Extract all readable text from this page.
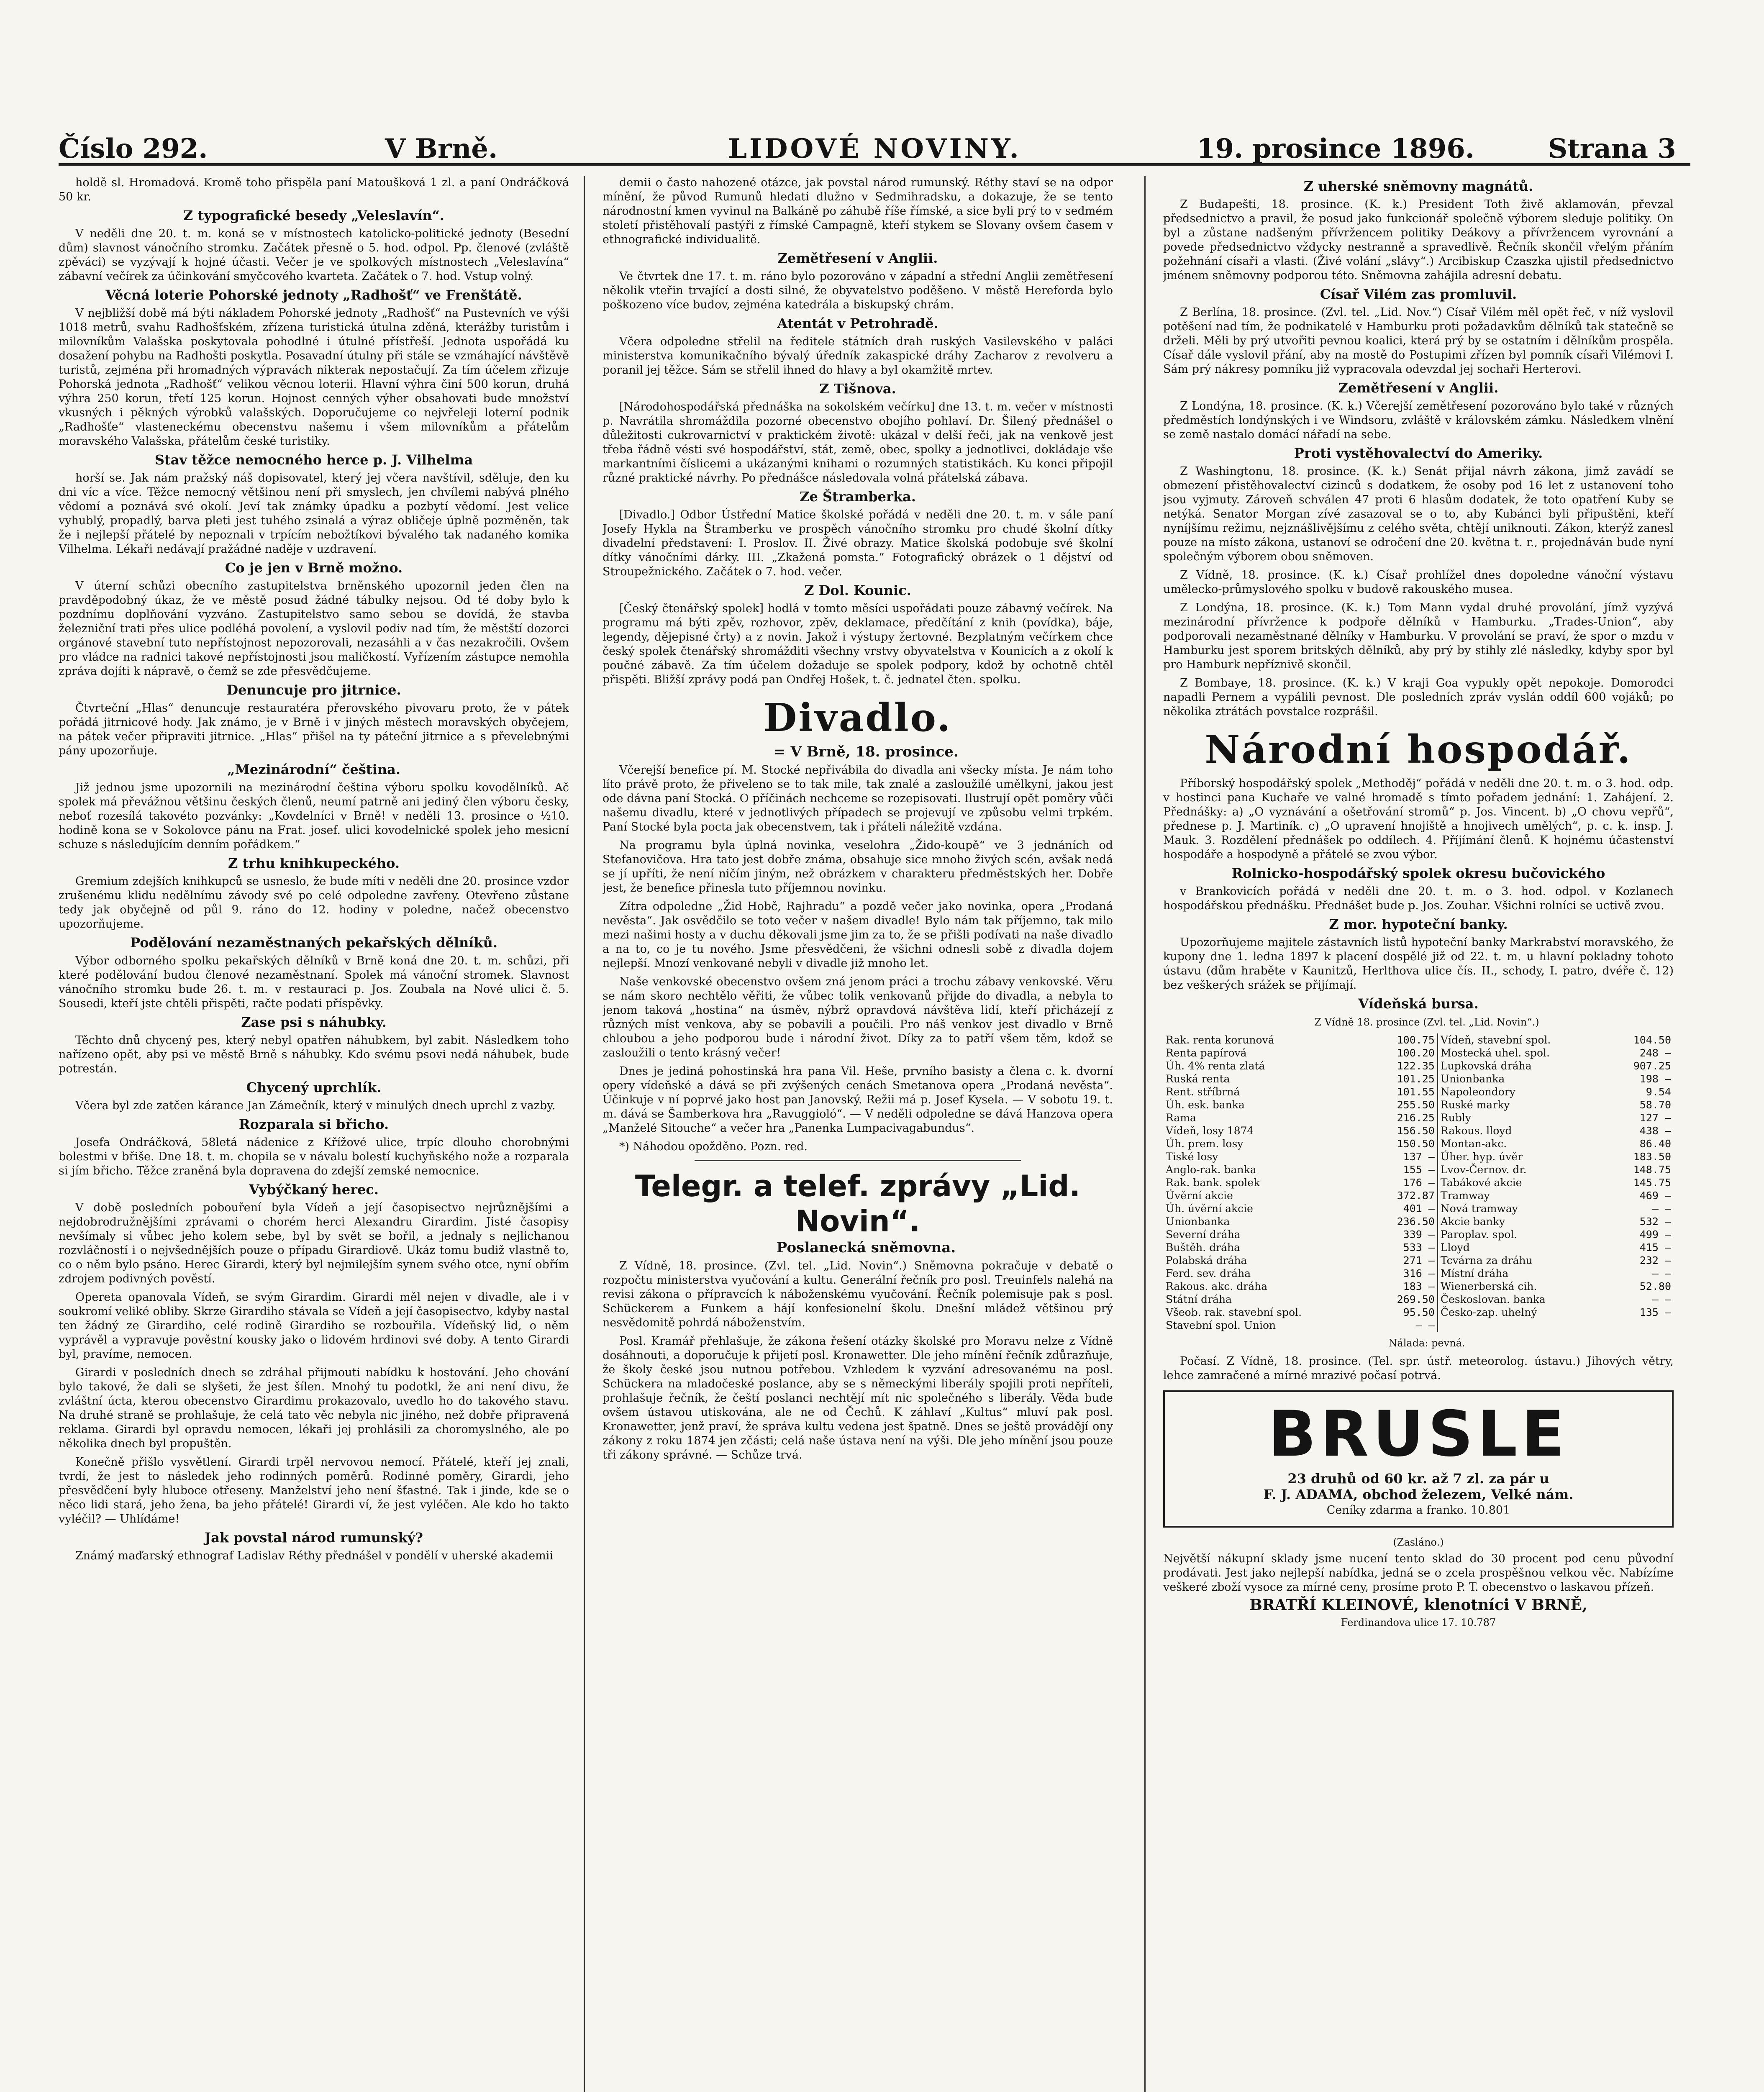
Číslo 292.	V Brně.	LIDOVÉ NOVINY.	19. prosince 1896.	Strana 3

holdě sl. Hromadová. Kromě toho přispěla paní Matoušková 1 zl. a paní Ondráčková 50 kr.

Z typografické besedy „Veleslavín“.

V neděli dne 20. t. m. koná se v místnostech katolicko-politické jednoty (Besední dům) slavnost vánočního stromku. Začátek přesně o 5. hod. odpol. Pp. členové (zvláště zpěváci) se vyzývají k hojné účasti. Večer je ve spolkových místnostech „Veleslavína“ zábavní večírek za účinkování smyčcového kvarteta. Začátek o 7. hod. Vstup volný.

Věcná loterie Pohorské jednoty „Radhošť“ ve Frenštátě.

V nejbližší době má býti nákladem Pohorské jednoty „Radhošť“ na Pustevních ve výši 1018 metrů, svahu Radhošťském, zřízena turistická útulna zděná, kterážby turistům i milovníkům Valašska poskytovala pohodlné i útulné přístřeší. Jednota uspořádá ku dosažení pohybu na Radhošti poskytla. Posavadní útulny při stále se vzmáhající návštěvě turistů, zejména při hromadných výpravách nikterak nepostačují. Za tím účelem zřizuje Pohorská jednota „Radhošť“ velikou věcnou loterii. Hlavní výhra činí 500 korun, druhá výhra 250 korun, třetí 125 korun. Hojnost cenných výher obsahovati bude množství vkusných i pěkných výrobků valašských. Doporučujeme co nejvřeleji loterní podnik „Radhošťe“ vlasteneckému obecenstvu našemu i všem milovníkům a přátelům moravského Valašska, přátelům české turistiky.

Stav těžce nemocného herce p. J. Vilhelma

horší se. Jak nám pražský náš dopisovatel, který jej včera navštívil, sděluje, den ku dni víc a více. Těžce nemocný většinou není při smyslech, jen chvílemi nabývá plného vědomí a poznává své okolí. Jeví tak známky úpadku a pozbytí vědomí. Jest velice vyhublý, propadlý, barva pleti jest tuhého zsinalá a výraz obličeje úplně pozměněn, tak že i nejlepší přátelé by nepoznali v trpícím nebožtíkovi bývalého tak nadaného komika Vilhelma. Lékaři nedávají pražádné naděje v uzdravení.

Co je jen v Brně možno.

V úterní schůzi obecního zastupitelstva brněnského upozornil jeden člen na pravděpodobný úkaz, že ve městě posud žádné tábulky nejsou. Od té doby bylo k pozdnímu doplňování vyzváno. Zastupitelstvo samo sebou se dovídá, že stavba železniční trati přes ulice podléhá povolení, a vyslovil podiv nad tím, že městští dozorci orgánové stavební tuto nepřístojnost nepozorovali, nezasáhli a v čas nezakročili. Ovšem pro vládce na radnici takové nepřístojnosti jsou maličkostí. Vyřízením zástupce nemohla zpráva dojíti k nápravě, o čemž se zde přesvědčujeme.

Denuncuje pro jitrnice.

Čtvrteční „Hlas“ denuncuje restauratéra přerovského pivovaru proto, že v pátek pořádá jitrnicové hody. Jak známo, je v Brně i v jiných městech moravských obyčejem, na pátek večer připraviti jitrnice. „Hlas“ přišel na ty páteční jitrnice a s převelebnými pány upozorňuje.

„Mezinárodní“ čeština.

Již jednou jsme upozornili na mezinárodní čeština výboru spolku kovodělníků. Ač spolek má převážnou většinu českých členů, neumí patrně ani jediný člen výboru česky, neboť rozesílá takovéto pozvánky: „Kovdelníci v Brně! v neděli 13. prosince o ½10. hodině kona se v Sokolovce pánu na Frat. josef. ulici kovodelnické spolek jeho mesicní schuze s následujícím denním pořádkem.“

Z trhu knihkupeckého.

Gremium zdejších knihkupců se usneslo, že bude míti v neděli dne 20. prosince vzdor zrušenému klidu nedělnímu závody své po celé odpoledne zavřeny. Otevřeno zůstane tedy jak obyčejně od půl 9. ráno do 12. hodiny v poledne, načež obecenstvo upozorňujeme.

Podělování nezaměstnaných pekařských dělníků.

Výbor odborného spolku pekařských dělníků v Brně koná dne 20. t. m. schůzi, při které podělování budou členové nezaměstnaní. Spolek má vánoční stromek. Slavnost vánočního stromku bude 26. t. m. v restauraci p. Jos. Zoubala na Nové ulici č. 5. Sousedi, kteří jste chtěli přispěti, račte podati příspěvky.

Zase psi s náhubky.

Těchto dnů chycený pes, který nebyl opatřen náhubkem, byl zabit. Následkem toho nařízeno opět, aby psi ve městě Brně s náhubky. Kdo svému psovi nedá náhubek, bude potrestán.

Chycený uprchlík.

Včera byl zde zatčen kárance Jan Zámečník, který v minulých dnech uprchl z vazby.

Rozparala si břicho.

Josefa Ondráčková, 58letá nádenice z Křížové ulice, trpíc dlouho chorobnými bolestmi v břiše. Dne 18. t. m. chopila se v návalu bolestí kuchyňského nože a rozparala si jím břicho. Těžce zraněná byla dopravena do zdejší zemské nemocnice.

Vybýčkaný herec.

V době posledních pobouření byla Vídeň a její časopisectvo nejrůznějšími a nejdobrodružnějšími zprávami o chorém herci Alexandru Girardim. Jisté časopisy nevšímaly si vůbec jeho kolem sebe, byl by svět se bořil, a jednaly s nejlichanou rozvláčností i o nejvšednějších pouze o případu Girardiově. Ukáz tomu budiž vlastně to, co o něm bylo psáno. Herec Girardi, který byl nejmilejším synem svého otce, nyní obřím zdrojem podivných pověstí.

Opereta opanovala Vídeň, se svým Girardim. Girardi měl nejen v divadle, ale i v soukromí veliké obliby. Skrze Girardiho stávala se Vídeň a její časopisectvo, kdyby nastal ten žádný ze Girardiho, celé rodině Girardiho se rozbouřila. Vídeňský lid, o něm vyprávěl a vypravuje pověstní kousky jako o lidovém hrdinovi své doby. A tento Girardi byl, pravíme, nemocen.

Girardi v posledních dnech se zdráhal přijmouti nabídku k hostování. Jeho chování bylo takové, že dali se slyšeti, že jest šílen. Mnohý tu podotkl, že ani není divu, že zvláštní úcta, kterou obecenstvo Girardimu prokazovalo, uvedlo ho do takového stavu. Na druhé straně se prohlašuje, že celá tato věc nebyla nic jiného, než dobře připravená reklama. Girardi byl opravdu nemocen, lékaři jej prohlásili za choromyslného, ale po několika dnech byl propuštěn.

Konečně přišlo vysvětlení. Girardi trpěl nervovou nemocí. Přátelé, kteří jej znali, tvrdí, že jest to následek jeho rodinných poměrů. Rodinné poměry, Girardi, jeho přesvědčení byly hluboce otřeseny. Manželství jeho není šťastné. Tak i jinde, kde se o něco lidi stará, jeho žena, ba jeho přátelé! Girardi ví, že jest vyléčen. Ale kdo ho takto vyléčil? — Uhlídáme!

Jak povstal národ rumunský?

Známý maďarský ethnograf Ladislav Réthy přednášel v pondělí v uherské akademii

demii o často nahozené otázce, jak povstal národ rumunský. Réthy staví se na odpor mínění, že původ Rumunů hledati dlužno v Sedmihradsku, a dokazuje, že se tento národnostní kmen vyvinul na Balkáně po záhubě říše římské, a sice byli prý to v sedmém století přistěhovalí pastýři z římské Campagně, kteří stykem se Slovany ovšem časem v ethnografické individualitě.

Zemětřesení v Anglii.

Ve čtvrtek dne 17. t. m. ráno bylo pozorováno v západní a střední Anglii zemětřesení několik vteřin trvající a dosti silné, že obyvatelstvo poděšeno. V městě Hereforda bylo poškozeno více budov, zejména katedrála a biskupský chrám.

Atentát v Petrohradě.

Včera odpoledne střelil na ředitele státních drah ruských Vasilevského v paláci ministerstva komunikačního bývalý úředník zakaspické dráhy Zacharov z revolveru a poranil jej těžce. Sám se střelil ihned do hlavy a byl okamžitě mrtev.

Z Tišnova.

[Národohospodářská přednáška na sokolském večírku] dne 13. t. m. večer v místnosti p. Navrátila shromáždila pozorné obecenstvo obojího pohlaví. Dr. Šilený přednášel o důležitosti cukrovarnictví v praktickém životě: ukázal v delší řeči, jak na venkově jest třeba řádně vésti své hospodářství, stát, země, obec, spolky a jednotlivci, dokládaje vše markantními číslicemi a ukázanými knihami o rozumných statistikách. Ku konci připojil různé praktické návrhy. Po přednášce následovala volná přátelská zábava.

Ze Štramberka.

[Divadlo.] Odbor Ústřední Matice školské pořádá v neděli dne 20. t. m. v sále paní Josefy Hykla na Štramberku ve prospěch vánočního stromku pro chudé školní dítky divadelní představení: I. Proslov. II. Živé obrazy. Matice školská podobuje své školní dítky vánočními dárky. III. „Zkažená pomsta.“ Fotografický obrázek o 1 dějství od Stroupežnického. Začátek o 7. hod. večer.

Z Dol. Kounic.

[Český čtenářský spolek] hodlá v tomto měsíci uspořádati pouze zábavný večírek. Na programu má býti zpěv, rozhovor, zpěv, deklamace, předčítání z knih (povídka), báje, legendy, dějepisné črty) a z novin. Jakož i výstupy žertovné. Bezplatným večírkem chce český spolek čtenářský shromážditi všechny vrstvy obyvatelstva v Kounicích a z okolí k poučné zábavě. Za tím účelem dožaduje se spolek podpory, kdož by ochotně chtěl přispěti. Bližší zprávy podá pan Ondřej Hošek, t. č. jednatel čten. spolku.

Divadlo.

= V Brně, 18. prosince.

Včerejší benefice pí. M. Stocké nepřivábila do divadla ani všecky místa. Je nám toho líto právě proto, že přiveleno se to tak mile, tak znalé a zasloužilé umělkyni, jakou jest ode dávna paní Stocká. O příčinách nechceme se rozepisovati. Ilustrují opět poměry vůči našemu divadlu, které v jednotlivých případech se projevují ve způsobu velmi trpkém. Paní Stocké byla pocta jak obecenstvem, tak i přáteli náležitě vzdána.

Na programu byla úplná novinka, veselohra „Žido-koupě“ ve 3 jednáních od Stefanovičova. Hra tato jest dobře známa, obsahuje sice mnoho živých scén, avšak nedá se jí upříti, že není ničím jiným, než obrázkem v charakteru předměstských her. Dobře jest, že benefice přinesla tuto příjemnou novinku.

Zítra odpoledne „Žid Hobč, Rajhradu“ a pozdě večer jako novinka, opera „Prodaná nevěsta“. Jak osvědčilo se toto večer v našem divadle! Bylo nám tak příjemno, tak milo mezi našimi hosty a v duchu děkovali jsme jim za to, že se přišli podívati na naše divadlo a na to, co je tu nového. Jsme přesvědčeni, že všichni odnesli sobě z divadla dojem nejlepší. Mnozí venkované nebyli v divadle již mnoho let.

Naše venkovské obecenstvo ovšem zná jenom práci a trochu zábavy venkovské. Věru se nám skoro nechtělo věřiti, že vůbec tolik venkovanů přijde do divadla, a nebyla to jenom taková „hostina“ na úsměv, nýbrž opravdová návštěva lidí, kteří přicházejí z různých míst venkova, aby se pobavili a poučili. Pro náš venkov jest divadlo v Brně chloubou a jeho podporou bude i národní život. Díky za to patří všem těm, kdož se zasloužili o tento krásný večer!

Dnes je jediná pohostinská hra pana Vil. Heše, prvního basisty a člena c. k. dvorní opery vídeňské a dává se při zvýšených cenách Smetanova opera „Prodaná nevěsta“. Účinkuje v ní poprvé jako host pan Janovský. Režii má p. Josef Kysela. — V sobotu 19. t. m. dává se Šamberkova hra „Ravuggioló“. — V neděli odpoledne se dává Hanzova opera „Manželé Sitouche“ a večer hra „Panenka Lumpacivagabundus“.

*) Náhodou opožděno. Pozn. red.

Telegr. a telef. zprávy „Lid. Novin“.

Poslanecká sněmovna.

Z Vídně, 18. prosince. (Zvl. tel. „Lid. Novin“.) Sněmovna pokračuje v debatě o rozpočtu ministerstva vyučování a kultu. Generální řečník pro posl. Treuinfels nalehá na revisi zákona o přípravcích k náboženskému vyučování. Řečník polemisuje pak s posl. Schückerem a Funkem a hájí konfesionelní školu. Dnešní mládež většinou prý nesvědomitě pohrdá náboženstvím.

Posl. Kramář přehlašuje, že zákona řešení otázky školské pro Moravu nelze z Vídně dosáhnouti, a doporučuje k přijetí posl. Kronawetter. Dle jeho mínění řečník zdůrazňuje, že školy české jsou nutnou potřebou. Vzhledem k vyzvání adresovanému na posl. Schückera na mladočeské poslance, aby se s německými liberály spojili proti nepříteli, prohlašuje řečník, že čeští poslanci nechtějí mít nic společného s liberály. Věda bude ovšem ústavou utiskována, ale ne od Čechů. K záhlaví „Kultus“ mluví pak posl. Kronawetter, jenž praví, že správa kultu vedena jest špatně. Dnes se ještě provádějí ony zákony z roku 1874 jen zčásti; celá naše ústava není na výši. Dle jeho mínění jsou pouze tři zákony správné. — Schůze trvá.

Z uherské sněmovny magnátů.

Z Budapešti, 18. prosince. (K. k.) President Toth živě aklamován, převzal předsednictvo a pravil, že posud jako funkcionář společně výborem sleduje politiky. On byl a zůstane nadšeným přívržencem politiky Deákovy a přívržencem vyrovnání a povede předsednictvo vždycky nestranně a spravedlivě. Řečník skončil vřelým přáním požehnání císaři a vlasti. (Živé volání „slávy“.) Arcibiskup Czaszka ujistil předsednictvo jménem sněmovny podporou této. Sněmovna zahájila adresní debatu.

Císař Vilém zas promluvil.

Z Berlína, 18. prosince. (Zvl. tel. „Lid. Nov.“) Císař Vilém měl opět řeč, v níž vyslovil potěšení nad tím, že podnikatelé v Hamburku proti požadavkům dělníků tak statečně se drželi. Měli by prý utvořiti pevnou koalici, která prý by se ostatním i dělníkům prospěla. Císař dále vyslovil přání, aby na mostě do Postupimi zřízen byl pomník císaři Vilémovi I. Sám prý nákresy pomníku již vypracovala odevzdal jej sochaři Herterovi.

Zemětřesení v Anglii.

Z Londýna, 18. prosince. (K. k.) Včerejší zemětřesení pozorováno bylo také v různých předměstích londýnských i ve Windsoru, zvláště v královském zámku. Následkem vlnění se země nastalo domácí nářadí na sebe.

Proti vystěhovalectví do Ameriky.

Z Washingtonu, 18. prosince. (K. k.) Senát přijal návrh zákona, jimž zavádí se obmezení přistěhovalectví cizinců s dodatkem, že osoby pod 16 let z ustanovení toho jsou vyjmuty. Zároveň schválen 47 proti 6 hlasům dodatek, že toto opatření Kuby se netýká. Senator Morgan zívé zasazoval se o to, aby Kubánci byli připuštěni, kteří nyníjšímu režimu, nejznášlivějšímu z celého světa, chtějí uniknouti. Zákon, kterýž zanesl pouze na místo zákona, ustanoví se odročení dne 20. května t. r., projednáván bude nyní společným výborem obou sněmoven.

Z Vídně, 18. prosince. (K. k.) Císař prohlížel dnes dopoledne vánoční výstavu umělecko-průmyslového spolku v budově rakouského musea.

Z Londýna, 18. prosince. (K. k.) Tom Mann vydal druhé provolání, jímž vyzývá mezinárodní přívržence k podpoře dělníků v Hamburku. „Trades-Union“, aby podporovali nezaměstnané dělníky v Hamburku. V provolání se praví, že spor o mzdu v Hamburku jest sporem britských dělníků, aby prý by stihly zlé následky, kdyby spor byl pro Hamburk nepříznivě skončil.

Z Bombaye, 18. prosince. (K. k.) V kraji Goa vypukly opět nepokoje. Domorodci napadli Pernem a vypálili pevnost. Dle posledních zpráv vyslán oddíl 600 vojáků; po několika ztrátách povstalce rozprášil.

Národní hospodář.

Příborský hospodářský spolek „Methoděj“ pořádá v neděli dne 20. t. m. o 3. hod. odp. v hostinci pana Kuchaře ve valné hromadě s tímto pořadem jednání: 1. Zahájení. 2. Přednášky: a) „O vyznávání a ošetřování stromů“ p. Jos. Vincent. b) „O chovu vepřů“, přednese p. J. Martiník. c) „O upravení hnojiště a hnojivech umělých“, p. c. k. insp. J. Mauk. 3. Rozdělení přednášek po oddílech. 4. Příjímání členů. K hojnému účastenství hospodáře a hospodyně a přátelé se zvou výbor.

Rolnicko-hospodářský spolek okresu bučovického

v Brankovicích pořádá v neděli dne 20. t. m. o 3. hod. odpol. v Kozlanech hospodářskou přednášku. Přednášet bude p. Jos. Zouhar. Všichni rolníci se uctivě zvou.

Z mor. hypoteční banky.

Upozorňujeme majitele zástavních listů hypoteční banky Markrabství moravského, že kupony dne 1. ledna 1897 k placení dospělé již od 22. t. m. u hlavní pokladny tohoto ústavu (dům hraběte v Kaunitzů, Herlthova ulice čís. II., schody, I. patro, dvéře č. 12) bez veškerých srážek se přijímají.

Vídeňská bursa.

Z Vídně 18. prosince (Zvl. tel. „Lid. Novin“.)

Rak. renta korunová	100.75	Vídeň, stavební spol.	104.50
Renta papírová	100.20	Mostecká uhel. spol.	248 —
Úh. 4% renta zlatá	122.35	Lupkovská dráha	907.25
Ruská renta	101.25	Unionbanka	198 —
Rent. stříbrná	101.55	Napoleondory	9.54
Úh. esk. banka	255.50	Ruské marky	58.70
Rama	216.25	Rubly	127 —
Vídeň, losy 1874	156.50	Rakous. lloyd	438 —
Úh. prem. losy	150.50	Montan-akc.	86.40
Tiské losy	137 —	Úher. hyp. úvěr	183.50
Anglo-rak. banka	155 —	Lvov-Černov. dr.	148.75
Rak. bank. spolek	176 —	Tabákové akcie	145.75
Úvěrní akcie	372.87	Tramway	469 —
Úh. úvěrní akcie	401 —	Nová tramway	— —
Unionbanka	236.50	Akcie banky	532 —
Severní dráha	339 —	Paroplav. spol.	499 —
Buštěh. dráha	533 —	Lloyd	415 —
Polabská dráha	271 —	Tcvárna za dráhu	232 —
Ferd. sev. dráha	316 —	Místní dráha	— —
Rakous. akc. dráha	183 —	Wienerberská cih.	52.80
Státní dráha	269.50	Českoslovan. banka	— —
Všeob. rak. stavební spol.	95.50	Česko-zap. uhelný	135 —
Stavební spol. Union	— —		

Nálada: pevná.

Počasí. Z Vídně, 18. prosince. (Tel. spr. ústř. meteorolog. ústavu.) Jihových větry, lehce zamračené a mírné mrazivé počasí potrvá.

BRUSLE
23 druhů od 60 kr. až 7 zl. za pár u
F. J. ADAMA, obchod železem, Velké nám.
Ceníky zdarma a franko. 10.801
(Zasláno.)
Největší nákupní sklady jsme nucení tento sklad do 30 procent pod cenu původní prodávati. Jest jako nejlepší nabídka, jedná se o zcela prospěšnou velkou věc. Nabízíme veškeré zboží vysoce za mírné ceny, prosíme proto P. T. obecenstvo o laskavou přízeň.
BRATŘÍ KLEINOVÉ, klenotníci V BRNĚ,
Ferdinandova ulice 17. 10.787
